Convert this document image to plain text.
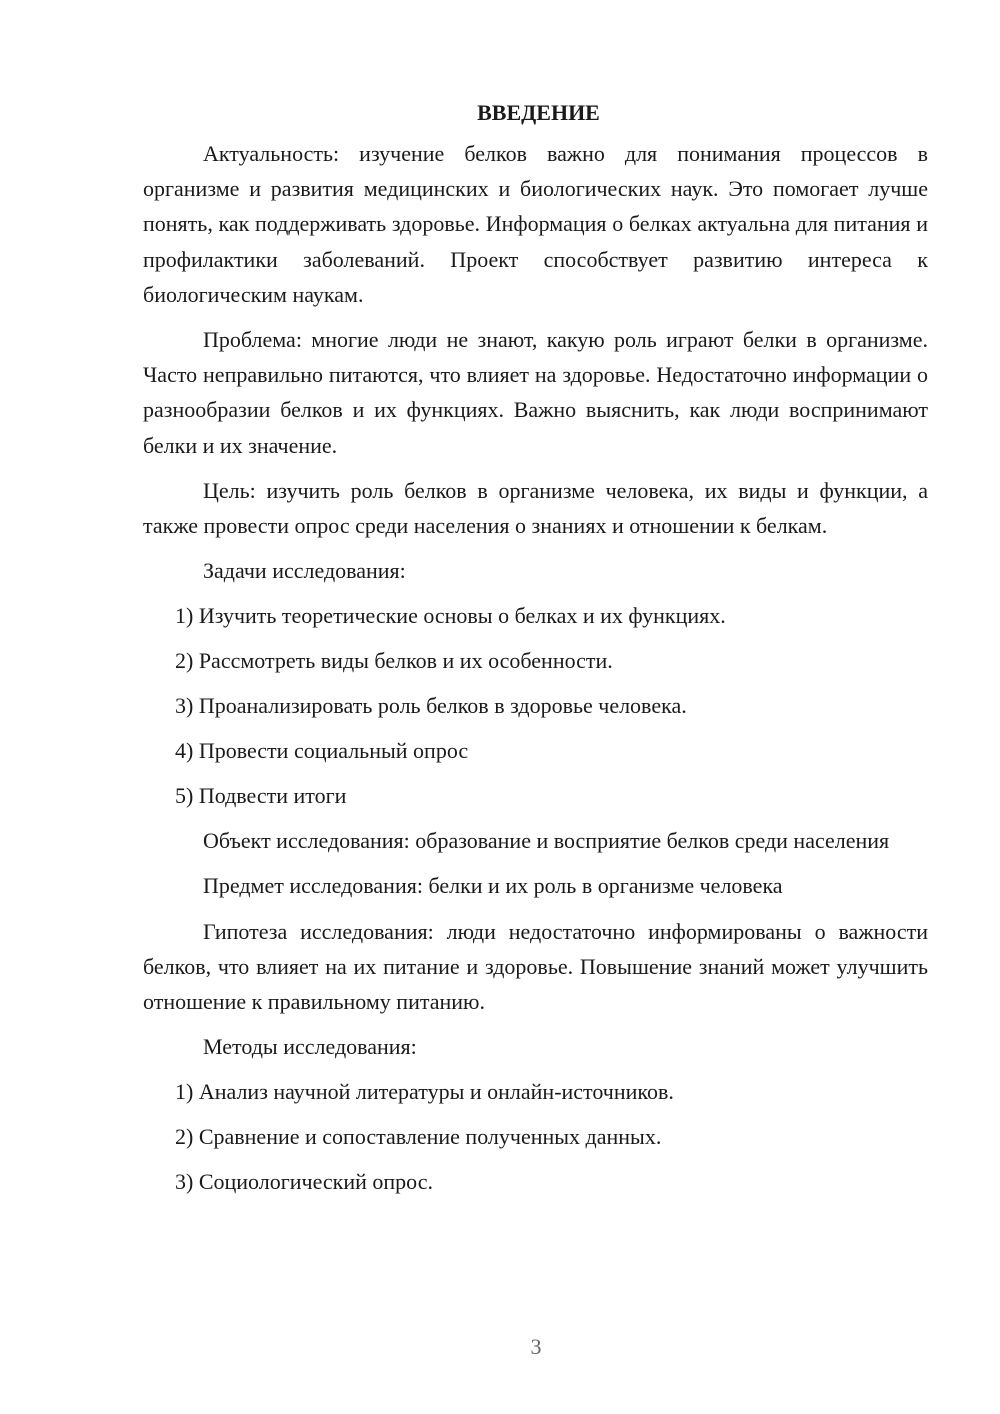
ВВЕДЕНИЕ

Актуальность: изучение белков важно для понимания процессов в организме и развития медицинских и биологических наук. Это помогает лучше понять, как поддерживать здоровье. Информация о белках актуальна для питания и профилактики заболеваний. Проект способствует развитию интереса к биологическим наукам.

Проблема: многие люди не знают, какую роль играют белки в организме. Часто неправильно питаются, что влияет на здоровье. Недостаточно информации о разнообразии белков и их функциях. Важно выяснить, как люди воспринимают белки и их значение.

Цель: изучить роль белков в организме человека, их виды и функции, а также провести опрос среди населения о знаниях и отношении к белкам.

Задачи исследования:
1) Изучить теоретические основы о белках и их функциях.
2) Рассмотреть виды белков и их особенности.
3) Проанализировать роль белков в здоровье человека.
4) Провести социальный опрос
5) Подвести итоги

Объект исследования: образование и восприятие белков среди населения

Предмет исследования: белки и их роль в организме человека

Гипотеза исследования: люди недостаточно информированы о важности белков, что влияет на их питание и здоровье. Повышение знаний может улучшить отношение к правильному питанию.

Методы исследования:
1) Анализ научной литературы и онлайн-источников.
2) Сравнение и сопоставление полученных данных.
3) Социологический опрос.
3
